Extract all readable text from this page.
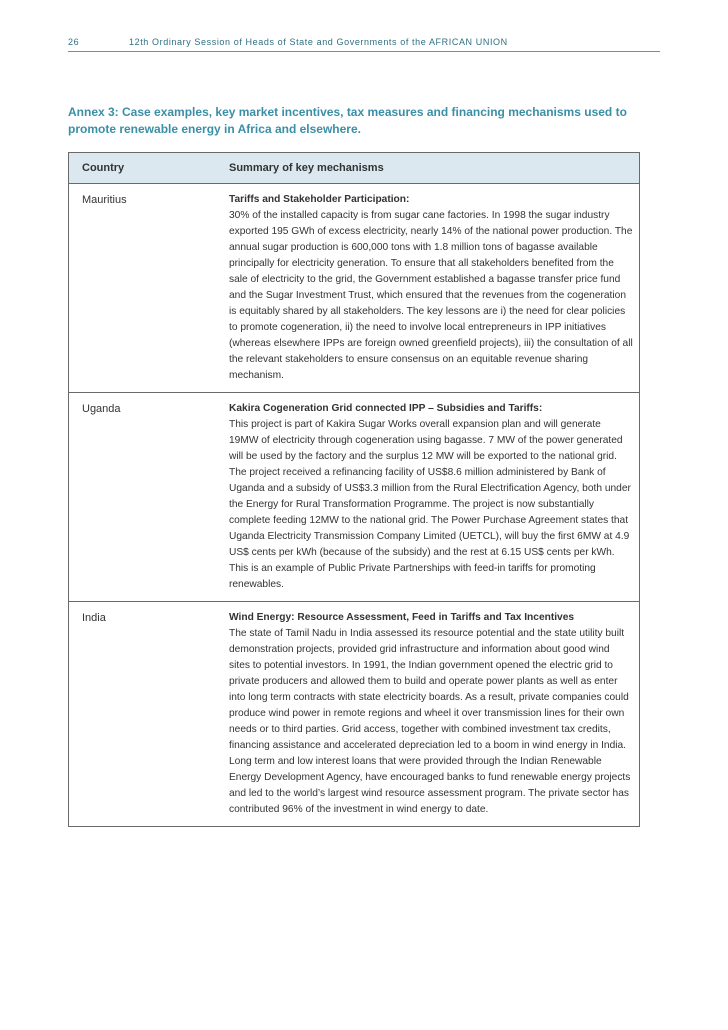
26	12th Ordinary Session of Heads of State and Governments of the AFRICAN UNION
Annex 3: Case examples, key market incentives, tax measures and financing mechanisms used to promote renewable energy in Africa and elsewhere.
Country	Summary of key mechanisms
Mauritius	Tariffs and Stakeholder Participation:
30% of the installed capacity is from sugar cane factories. In 1998 the sugar industry exported 195 GWh of excess electricity, nearly 14% of the national power production. The annual sugar production is 600,000 tons with 1.8 million tons of bagasse available principally for electricity generation. To ensure that all stakeholders benefited from the sale of electricity to the grid, the Government established a bagasse transfer price fund and the Sugar Investment Trust, which ensured that the revenues from the cogeneration is equitably shared by all stakeholders. The key lessons are i) the need for clear policies to promote cogeneration, ii) the need to involve local entrepreneurs in IPP initiatives (whereas elsewhere IPPs are foreign owned greenfield projects), iii) the consultation of all the relevant stakeholders to ensure consensus on an equitable revenue sharing mechanism.
Uganda	Kakira Cogeneration Grid connected IPP – Subsidies and Tariffs:
This project is part of Kakira Sugar Works overall expansion plan and will generate 19MW of electricity through cogeneration using bagasse. 7 MW of the power generated will be used by the factory and the surplus 12 MW will be exported to the national grid. The project received a refinancing facility of US$8.6 million administered by Bank of Uganda and a subsidy of US$3.3 million from the Rural Electrification Agency, both under the Energy for Rural Transformation Programme. The project is now substantially complete feeding 12MW to the national grid. The Power Purchase Agreement states that Uganda Electricity Transmission Company Limited (UETCL), will buy the first 6MW at 4.9 US$ cents per kWh (because of the subsidy) and the rest at 6.15 US$ cents per kWh. This is an example of Public Private Partnerships with feed-in tariffs for promoting renewables.
India	Wind Energy: Resource Assessment, Feed in Tariffs and Tax Incentives
The state of Tamil Nadu in India assessed its resource potential and the state utility built demonstration projects, provided grid infrastructure and information about good wind sites to potential investors. In 1991, the Indian government opened the electric grid to private producers and allowed them to build and operate power plants as well as enter into long term contracts with state electricity boards. As a result, private companies could produce wind power in remote regions and wheel it over transmission lines for their own needs or to third parties. Grid access, together with combined investment tax credits, financing assistance and accelerated depreciation led to a boom in wind energy in India. Long term and low interest loans that were provided through the Indian Renewable Energy Development Agency, have encouraged banks to fund renewable energy projects and led to the world’s largest wind resource assessment program. The private sector has contributed 96% of the investment in wind energy to date.
